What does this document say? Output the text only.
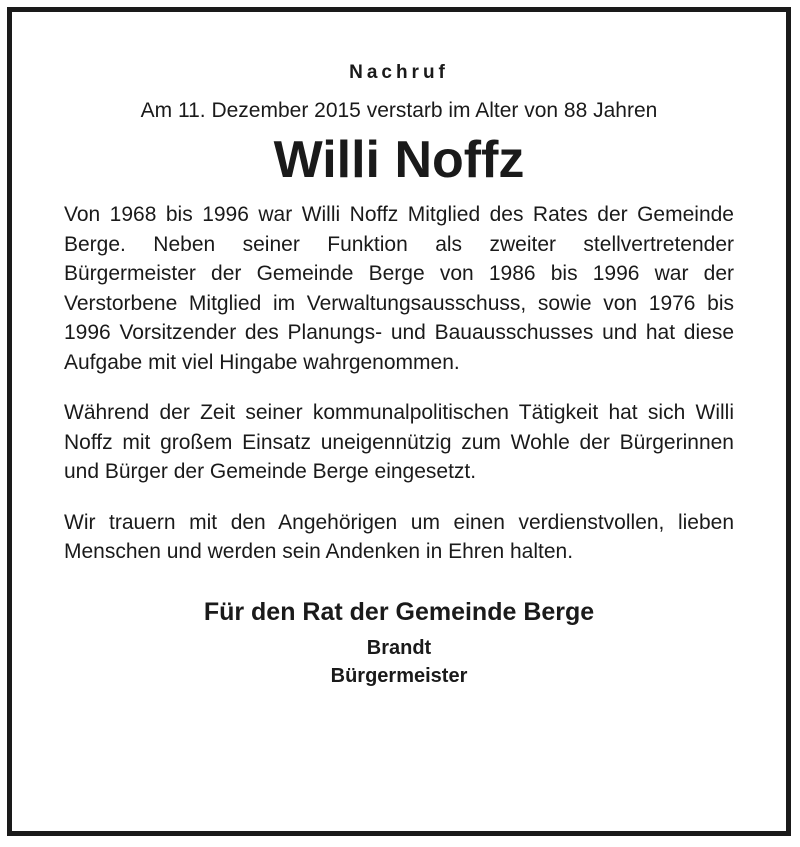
Nachruf
Am 11. Dezember 2015 verstarb im Alter von 88 Jahren
Willi Noffz

Von 1968 bis 1996 war Willi Noffz Mitglied des Rates der Gemeinde Berge. Neben seiner Funktion als zweiter stellvertretender Bürgermeister der Gemeinde Berge von 1986 bis 1996 war der Verstorbene Mitglied im Verwaltungsausschuss, sowie von 1976 bis 1996 Vorsitzender des Planungs- und Bauausschusses und hat diese Aufgabe mit viel Hingabe wahrgenommen.

Während der Zeit seiner kommunalpolitischen Tätigkeit hat sich Willi Noffz mit großem Einsatz uneigennützig zum Wohle der Bürgerinnen und Bürger der Gemeinde Berge eingesetzt.

Wir trauern mit den Angehörigen um einen verdienstvollen, lieben Menschen und werden sein Andenken in Ehren halten.

Für den Rat der Gemeinde Berge
Brandt
Bürgermeister
